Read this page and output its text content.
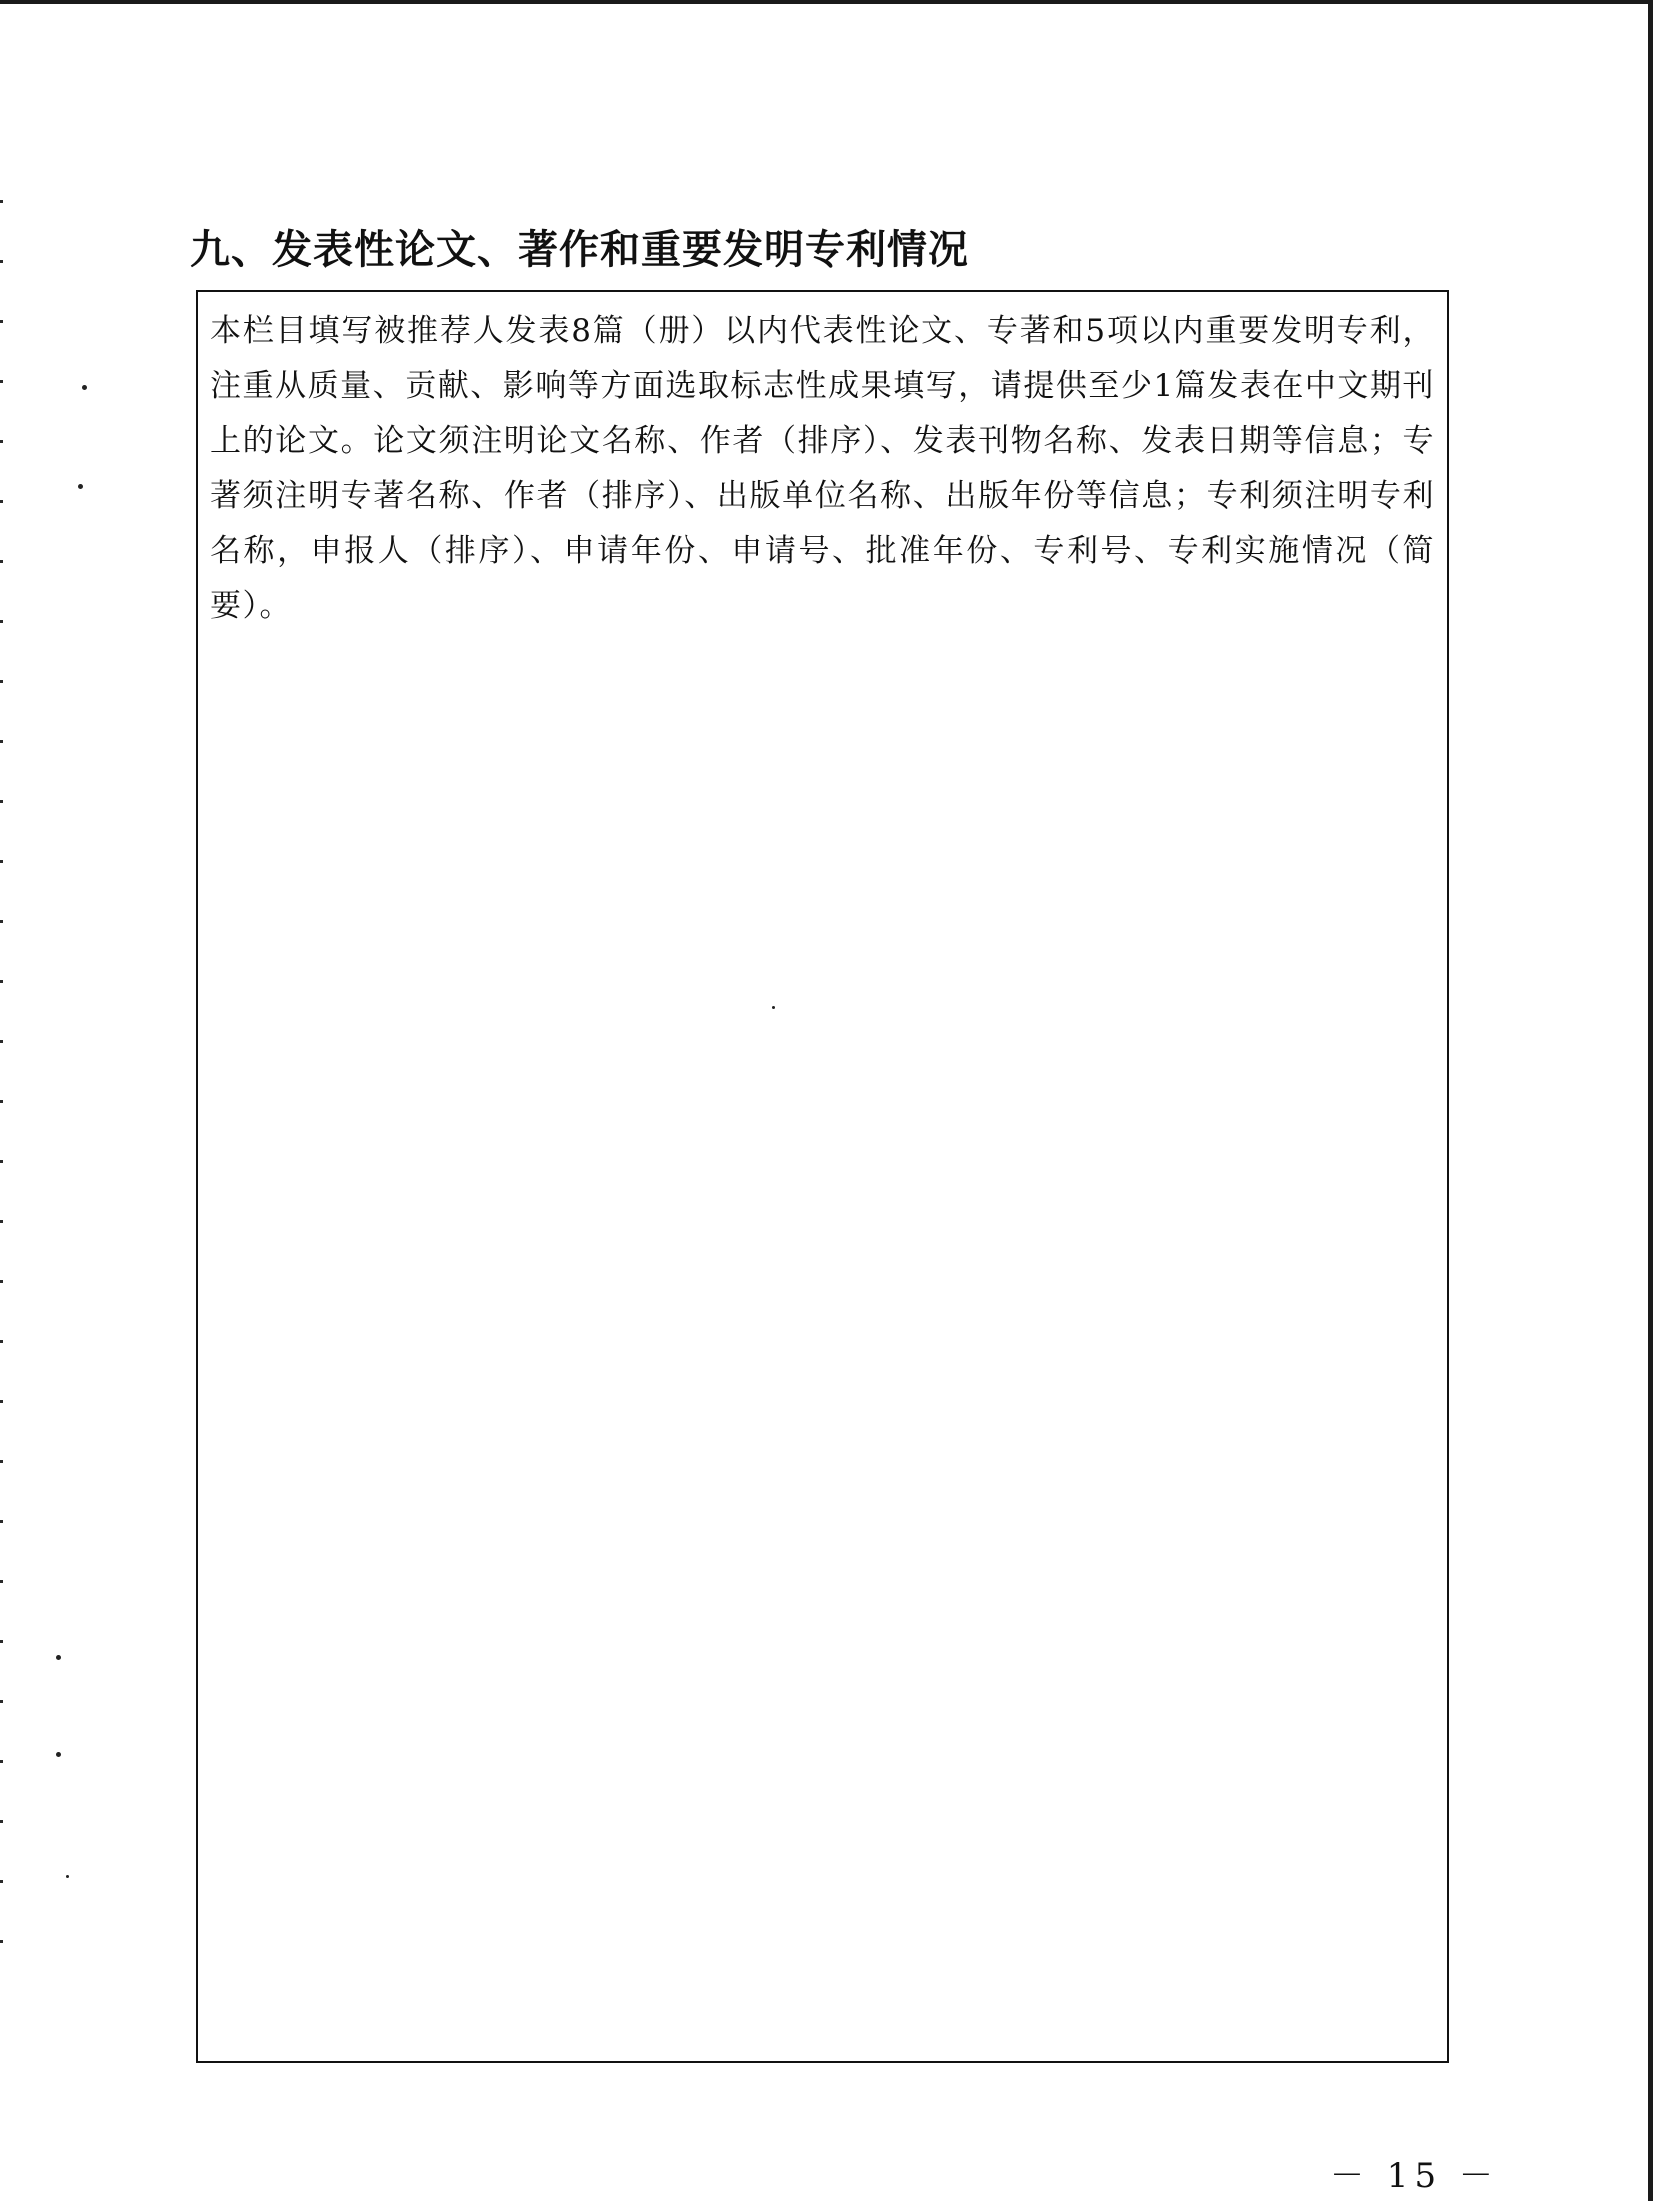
九、发表性论文、著作和重要发明专利情况

本栏目填写被推荐人发表8篇（册）以内代表性论文、专著和5项以内重要发明专利，注重从质量、贡献、影响等方面选取标志性成果填写，请提供至少1篇发表在中文期刊上的论文。论文须注明论文名称、作者（排序）、发表刊物名称、发表日期等信息；专著须注明专著名称、作者（排序）、出版单位名称、出版年份等信息；专利须注明专利名称，申报人（排序）、申请年份、申请号、批准年份、专利号、专利实施情况（简要）。

－ 15 －
